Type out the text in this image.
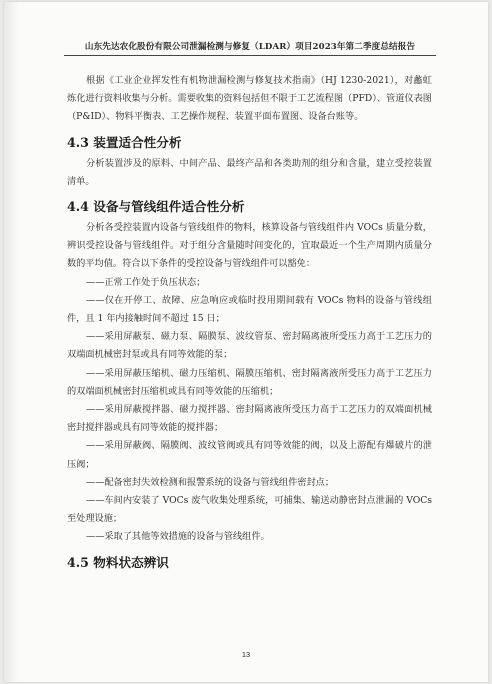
山东先达农化股份有限公司泄漏检测与修复（LDAR）项目2023年第二季度总结报告

根据《工业企业挥发性有机物泄漏检测与修复技术指南》（HJ 1230-2021），对蠡虹炼化进行资料收集与分析。需要收集的资料包括但不限于工艺流程图（PFD）、管道仪表图（P&ID）、物料平衡表、工艺操作规程、装置平面布置图、设备台账等。

4.3 装置适合性分析

分析装置涉及的原料、中间产品、最终产品和各类助剂的组分和含量，建立受控装置清单。

4.4 设备与管线组件适合性分析

分析各受控装置内设备与管线组件的物料，核算设备与管线组件内 VOCs 质量分数，辨识受控设备与管线组件。对于组分含量随时间变化的，宜取最近一个生产周期内质量分数的平均值。符合以下条件的受控设备与管线组件可以豁免：

——正常工作处于负压状态；

——仅在开停工、故障、应急响应或临时投用期间载有 VOCs 物料的设备与管线组件，且 1 年内接触时间不超过 15 日；

——采用屏蔽泵、磁力泵、隔膜泵、波纹管泵、密封隔离液所受压力高于工艺压力的双端面机械密封泵或具有同等效能的泵；

——采用屏蔽压缩机、磁力压缩机、隔膜压缩机、密封隔离液所受压力高于工艺压力的双端面机械密封压缩机或具有同等效能的压缩机；

——采用屏蔽搅拌器、磁力搅拌器、密封隔离液所受压力高于工艺压力的双端面机械密封搅拌器或具有同等效能的搅拌器；

——采用屏蔽阀、隔膜阀、波纹管阀或具有同等效能的阀，以及上游配有爆破片的泄压阀；

——配备密封失效检测和报警系统的设备与管线组件密封点；

——车间内安装了 VOCs 废气收集处理系统，可捕集、输送动静密封点泄漏的 VOCs 至处理设施；

——采取了其他等效措施的设备与管线组件。

4.5 物料状态辨识
13
